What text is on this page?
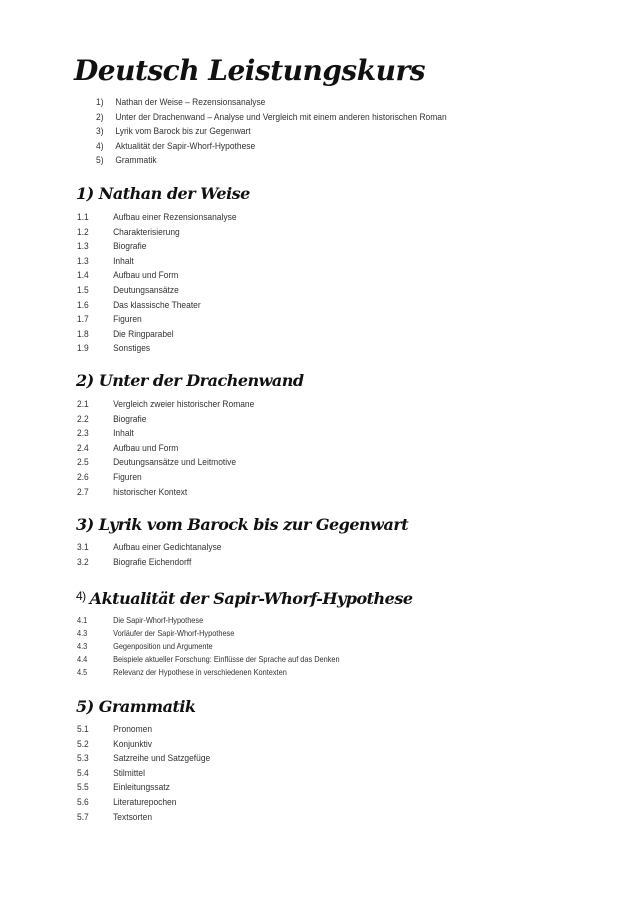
Deutsch Leistungskurs
1) Nathan der Weise – Rezensionsanalyse
2) Unter der Drachenwand – Analyse und Vergleich mit einem anderen historischen Roman
3) Lyrik vom Barock bis zur Gegenwart
4) Aktualität der Sapir-Whorf-Hypothese
5) Grammatik
1) Nathan der Weise
1.1	Aufbau einer Rezensionsanalyse
1.2	Charakterisierung
1.3	Biografie
1.3	Inhalt
1.4	Aufbau und Form
1.5	Deutungsansätze
1.6	Das klassische Theater
1.7	Figuren
1.8	Die Ringparabel
1.9	Sonstiges
2) Unter der Drachenwand
2.1	Vergleich zweier historischer Romane
2.2	Biografie
2.3	Inhalt
2.4	Aufbau und Form
2.5	Deutungsansätze und Leitmotive
2.6	Figuren
2.7	historischer Kontext
3) Lyrik vom Barock bis zur Gegenwart
3.1	Aufbau einer Gedichtanalyse
3.2	Biografie Eichendorff
$^{4)}$ Aktualität der Sapir-Whorf-Hypothese
4.1	Die Sapir-Whorf-Hypothese
4.3	Vorläufer der Sapir-Whorf-Hypothese
4.3	Gegenposition und Argumente
4.4	Beispiele aktueller Forschung: Einflüsse der Sprache auf das Denken
4.5	Relevanz der Hypothese in verschiedenen Kontexten
5) Grammatik
5.1	Pronomen
5.2	Konjunktiv
5.3	Satzreihe und Satzgefüge
5.4	Stilmittel
5.5	Einleitungssatz
5.6	Literaturepochen
5.7	Textsorten
